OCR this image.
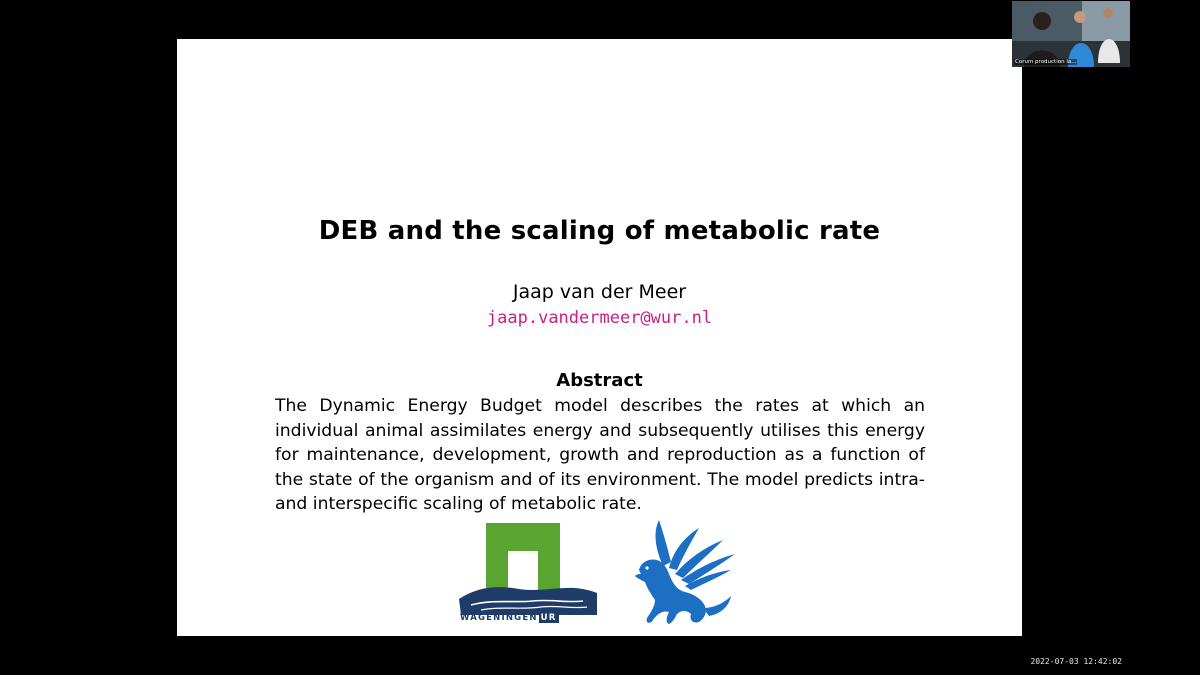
DEB and the scaling of metabolic rate
Jaap van der Meer
jaap.vandermeer@wur.nl
Abstract
The Dynamic Energy Budget model describes the rates at which an individual animal assimilates energy and subsequently utilises this energy for maintenance, development, growth and reproduction as a function of the state of the organism and of its environment. The model predicts intraand interspecific scaling of metabolic rate.
WAGENINGEN UR
Corum production la...
2022-07-03 12:42:02
